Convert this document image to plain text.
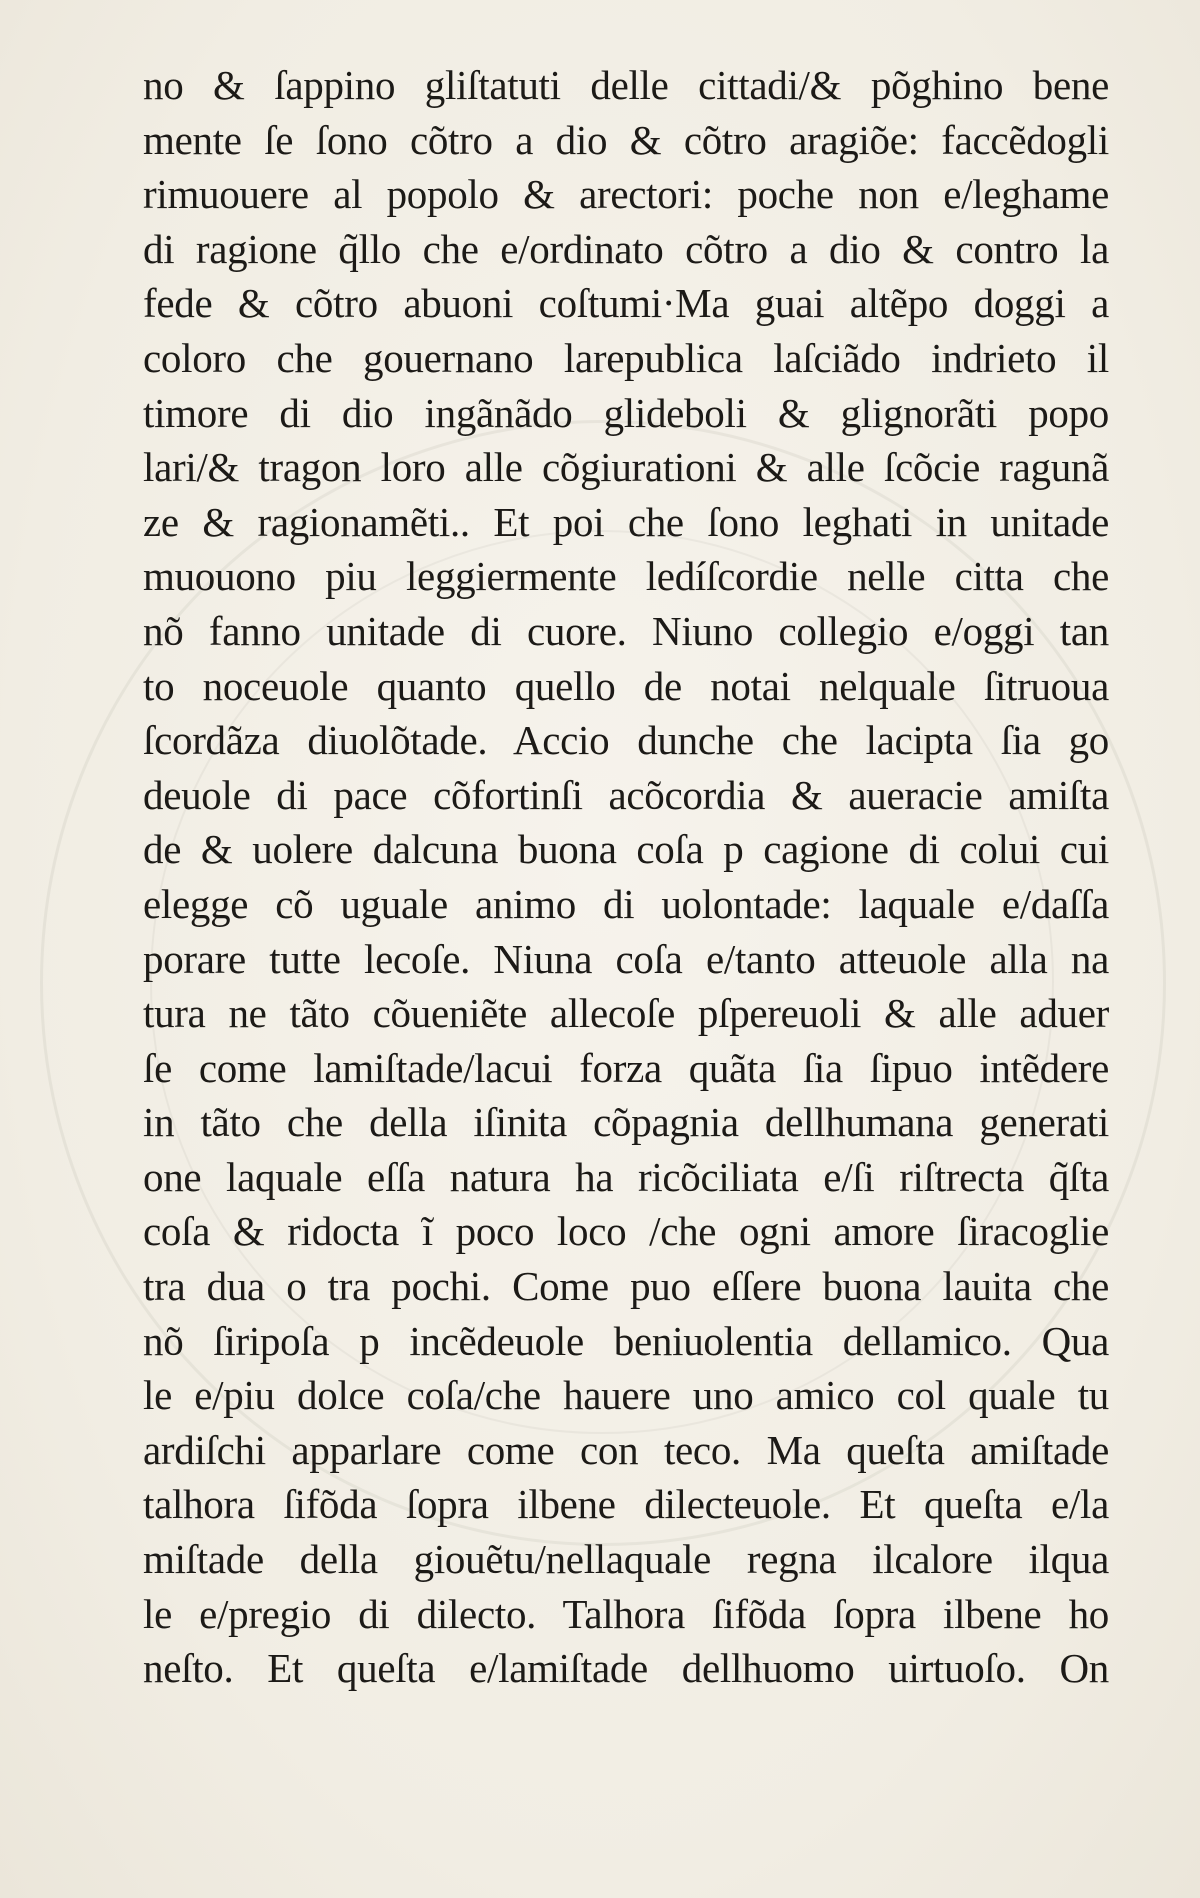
no & ſappino gliſtatuti delle cittadi/& põghino bene
mente ſe ſono cõtro a dio & cõtro aragiõe: faccẽdogli
rimuouere al popolo & arectori: poche non e/leghame
di ragione q̃llo che e/ordinato cõtro a dio & contro la
fede & cõtro abuoni coſtumi·Ma guai altẽpo doggi a
coloro che gouernano larepublica laſciãdo indrieto il
timore di dio ingãnãdo glideboli & glignorãti popo
lari/& tragon loro alle cõgiurationi & alle ſcõcie ragunã
ze & ragionamẽti.. Et poi che ſono leghati in unitade
muouono piu leggiermente ledíſcordie nelle citta che
nõ fanno unitade di cuore. Niuno collegio e/oggi tan
to noceuole quanto quello de notai nelquale ſitruoua
ſcordãza diuolõtade. Accio dunche che lacipta ſia go
deuole di pace cõfortinſi acõcordia & aueracie amiſta
de & uolere dalcuna buona coſa p cagione di colui cui
elegge cõ uguale animo di uolontade: laquale e/daſſa
porare tutte lecoſe. Niuna coſa e/tanto atteuole alla na
tura ne tãto cõueniẽte allecoſe pſpereuoli & alle aduer
ſe come lamiſtade/lacui forza quãta ſia ſipuo intẽdere
in tãto che della iſinita cõpagnia dellhumana generati
one laquale eſſa natura ha ricõciliata e/ſi riſtrecta q̃ſta
coſa & ridocta ĩ poco loco /che ogni amore ſiracoglie
tra dua o tra pochi. Come puo eſſere buona lauita che
nõ ſiripoſa p incẽdeuole beniuolentia dellamico. Qua
le e/piu dolce coſa/che hauere uno amico col quale tu
ardiſchi apparlare come con teco. Ma queſta amiſtade
talhora ſifõda ſopra ilbene dilecteuole. Et queſta e/la
miſtade della giouẽtu/nellaquale regna ilcalore ilqua
le e/pregio di dilecto. Talhora ſifõda ſopra ilbene ho
neſto. Et queſta e/lamiſtade dellhuomo uirtuoſo. On
